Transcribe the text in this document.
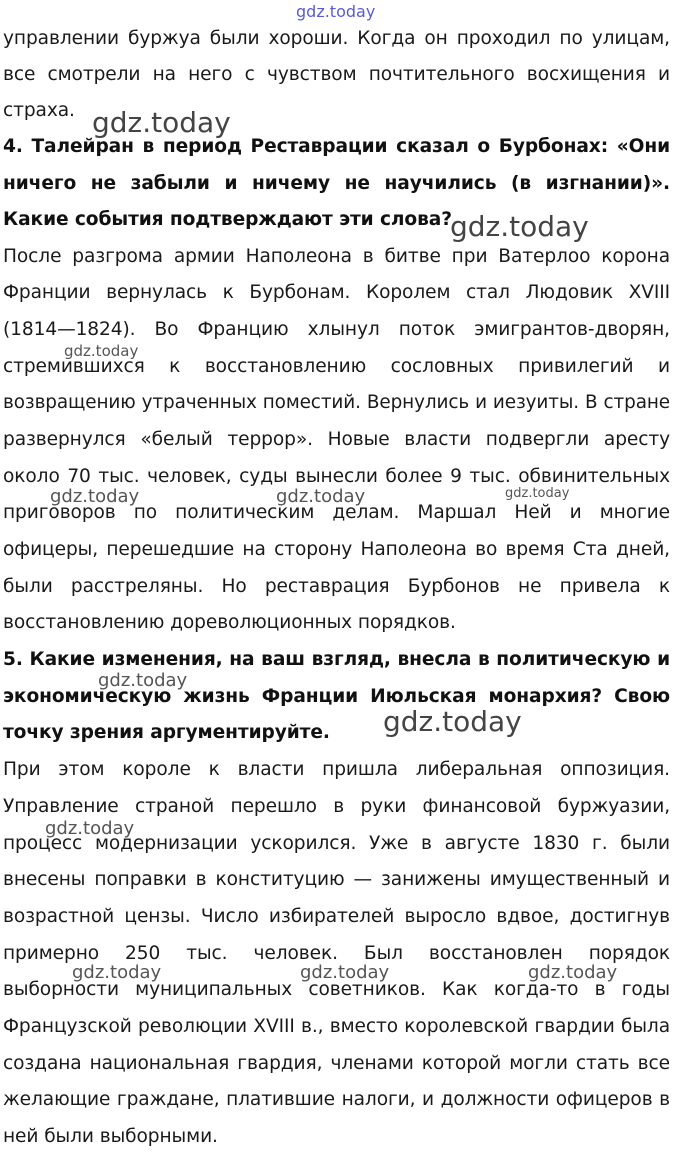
управлении буржуа были хороши. Когда он проходил по улицам,
все смотрели на него с чувством почтительного восхищения и
страха.
4. Талейран в период Реставрации сказал о Бурбонах: «Они
ничего не забыли и ничему не научились (в изгнании)».
Какие события подтверждают эти слова?
После разгрома армии Наполеона в битве при Ватерлоо корона
Франции вернулась к Бурбонам. Королем стал Людовик XVIII
(1814—1824). Во Францию хлынул поток эмигрантов-дворян,
стремившихся к восстановлению сословных привилегий и
возвращению утраченных поместий. Вернулись и иезуиты. В стране
развернулся «белый террор». Новые власти подвергли аресту
около 70 тыс. человек, суды вынесли более 9 тыс. обвинительных
приговоров по политическим делам. Маршал Ней и многие
офицеры, перешедшие на сторону Наполеона во время Ста дней,
были расстреляны. Но реставрация Бурбонов не привела к
восстановлению дореволюционных порядков.
5. Какие изменения, на ваш взгляд, внесла в политическую и
экономическую жизнь Франции Июльская монархия? Свою
точку зрения аргументируйте.
При этом короле к власти пришла либеральная оппозиция.
Управление страной перешло в руки финансовой буржуазии,
процесс модернизации ускорился. Уже в августе 1830 г. были
внесены поправки в конституцию — занижены имущественный и
возрастной цензы. Число избирателей выросло вдвое, достигнув
примерно 250 тыс. человек. Был восстановлен порядок
выборности муниципальных советников. Как когда-то в годы
Французской революции XVIII в., вместо королевской гвардии была
создана национальная гвардия, членами которой могли стать все
желающие граждане, платившие налоги, и должности офицеров в
ней были выборными.
gdz.today
gdz.today
gdz.today
gdz.today
gdz.today	gdz.today	gdz.today
gdz.today
gdz.today
gdz.today
gdz.today	gdz.today	gdz.today
